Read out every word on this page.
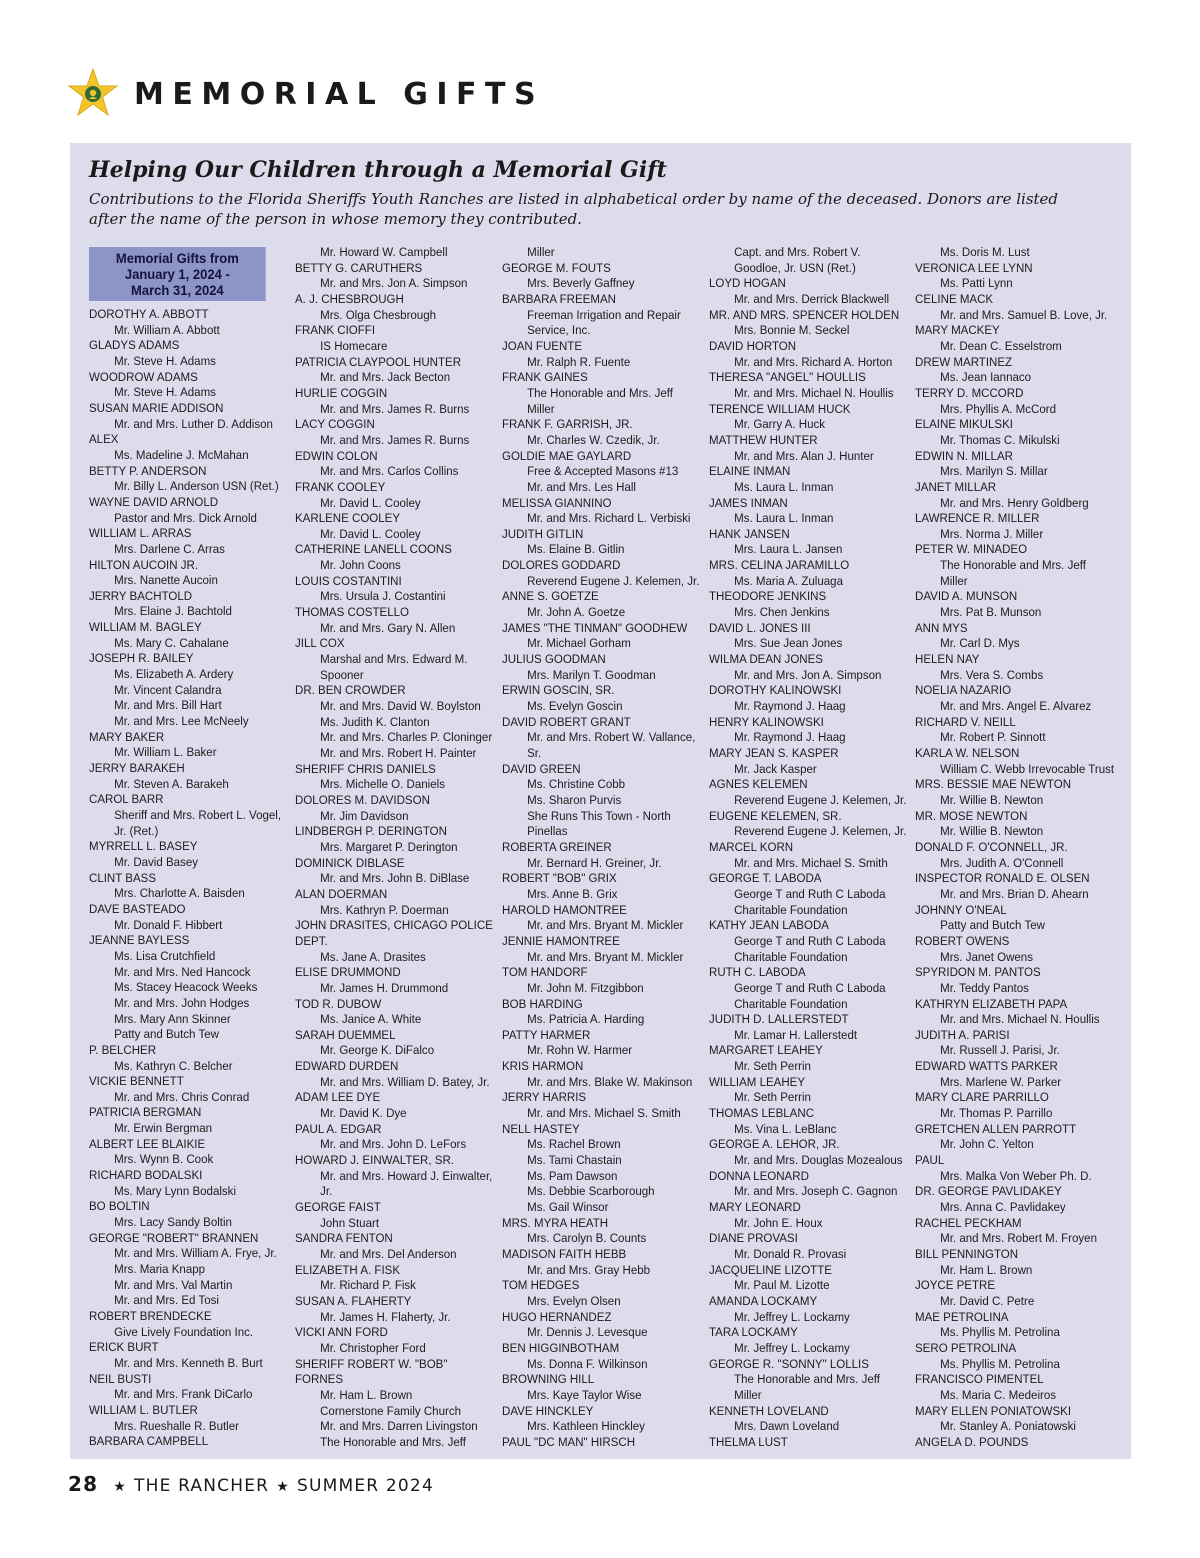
MEMORIAL GIFTS
Helping Our Children through a Memorial Gift
Contributions to the Florida Sheriffs Youth Ranches are listed in alphabetical order by name of the deceased. Donors are listed after the name of the person in whose memory they contributed.
Memorial Gifts from
January 1, 2024 -
March 31, 2024
DOROTHY A. ABBOTT
Mr. William A. Abbott
GLADYS ADAMS
Mr. Steve H. Adams
WOODROW ADAMS
Mr. Steve H. Adams
SUSAN MARIE ADDISON
Mr. and Mrs. Luther D. Addison
ALEX
Ms. Madeline J. McMahan
BETTY P. ANDERSON
Mr. Billy L. Anderson USN (Ret.)
WAYNE DAVID ARNOLD
Pastor and Mrs. Dick Arnold
WILLIAM L. ARRAS
Mrs. Darlene C. Arras
HILTON AUCOIN JR.
Mrs. Nanette Aucoin
JERRY BACHTOLD
Mrs. Elaine J. Bachtold
WILLIAM M. BAGLEY
Ms. Mary C. Cahalane
JOSEPH R. BAILEY
Ms. Elizabeth A. Ardery
Mr. Vincent Calandra
Mr. and Mrs. Bill Hart
Mr. and Mrs. Lee McNeely
MARY BAKER
Mr. William L. Baker
JERRY BARAKEH
Mr. Steven A. Barakeh
CAROL BARR
Sheriff and Mrs. Robert L. Vogel,
Jr. (Ret.)
MYRRELL L. BASEY
Mr. David Basey
CLINT BASS
Mrs. Charlotte A. Baisden
DAVE BASTEADO
Mr. Donald F. Hibbert
JEANNE BAYLESS
Ms. Lisa Crutchfield
Mr. and Mrs. Ned Hancock
Ms. Stacey Heacock Weeks
Mr. and Mrs. John Hodges
Mrs. Mary Ann Skinner
Patty and Butch Tew
P. BELCHER
Ms. Kathryn C. Belcher
VICKIE BENNETT
Mr. and Mrs. Chris Conrad
PATRICIA BERGMAN
Mr. Erwin Bergman
ALBERT LEE BLAIKIE
Mrs. Wynn B. Cook
RICHARD BODALSKI
Ms. Mary Lynn Bodalski
BO BOLTIN
Mrs. Lacy Sandy Boltin
GEORGE "ROBERT" BRANNEN
Mr. and Mrs. William A. Frye, Jr.
Mrs. Maria Knapp
Mr. and Mrs. Val Martin
Mr. and Mrs. Ed Tosi
ROBERT BRENDECKE
Give Lively Foundation Inc.
ERICK BURT
Mr. and Mrs. Kenneth B. Burt
NEIL BUSTI
Mr. and Mrs. Frank DiCarlo
WILLIAM L. BUTLER
Mrs. Rueshalle R. Butler
BARBARA CAMPBELL
Mr. Howard W. Campbell
BETTY G. CARUTHERS
Mr. and Mrs. Jon A. Simpson
A. J. CHESBROUGH
Mrs. Olga Chesbrough
FRANK CIOFFI
IS Homecare
PATRICIA CLAYPOOL HUNTER
Mr. and Mrs. Jack Becton
HURLIE COGGIN
Mr. and Mrs. James R. Burns
LACY COGGIN
Mr. and Mrs. James R. Burns
EDWIN COLON
Mr. and Mrs. Carlos Collins
FRANK COOLEY
Mr. David L. Cooley
KARLENE COOLEY
Mr. David L. Cooley
CATHERINE LANELL COONS
Mr. John Coons
LOUIS COSTANTINI
Mrs. Ursula J. Costantini
THOMAS COSTELLO
Mr. and Mrs. Gary N. Allen
JILL COX
Marshal and Mrs. Edward M.
Spooner
DR. BEN CROWDER
Mr. and Mrs. David W. Boylston
Ms. Judith K. Clanton
Mr. and Mrs. Charles P. Cloninger
Mr. and Mrs. Robert H. Painter
SHERIFF CHRIS DANIELS
Mrs. Michelle O. Daniels
DOLORES M. DAVIDSON
Mr. Jim Davidson
LINDBERGH P. DERINGTON
Mrs. Margaret P. Derington
DOMINICK DIBLASE
Mr. and Mrs. John B. DiBlase
ALAN DOERMAN
Mrs. Kathryn P. Doerman
JOHN DRASITES, CHICAGO POLICE
DEPT.
Ms. Jane A. Drasites
ELISE DRUMMOND
Mr. James H. Drummond
TOD R. DUBOW
Ms. Janice A. White
SARAH DUEMMEL
Mr. George K. DiFalco
EDWARD DURDEN
Mr. and Mrs. William D. Batey, Jr.
ADAM LEE DYE
Mr. David K. Dye
PAUL A. EDGAR
Mr. and Mrs. John D. LeFors
HOWARD J. EINWALTER, SR.
Mr. and Mrs. Howard J. Einwalter,
Jr.
GEORGE FAIST
John Stuart
SANDRA FENTON
Mr. and Mrs. Del Anderson
ELIZABETH A. FISK
Mr. Richard P. Fisk
SUSAN A. FLAHERTY
Mr. James H. Flaherty, Jr.
VICKI ANN FORD
Mr. Christopher Ford
SHERIFF ROBERT W. "BOB"
FORNES
Mr. Ham L. Brown
Cornerstone Family Church
Mr. and Mrs. Darren Livingston
The Honorable and Mrs. Jeff
Miller
GEORGE M. FOUTS
Mrs. Beverly Gaffney
BARBARA FREEMAN
Freeman Irrigation and Repair
Service, Inc.
JOAN FUENTE
Mr. Ralph R. Fuente
FRANK GAINES
The Honorable and Mrs. Jeff
Miller
FRANK F. GARRISH, JR.
Mr. Charles W. Czedik, Jr.
GOLDIE MAE GAYLARD
Free & Accepted Masons #13
Mr. and Mrs. Les Hall
MELISSA GIANNINO
Mr. and Mrs. Richard L. Verbiski
JUDITH GITLIN
Ms. Elaine B. Gitlin
DOLORES GODDARD
Reverend Eugene J. Kelemen, Jr.
ANNE S. GOETZE
Mr. John A. Goetze
JAMES "THE TINMAN" GOODHEW
Mr. Michael Gorham
JULIUS GOODMAN
Mrs. Marilyn T. Goodman
ERWIN GOSCIN, SR.
Ms. Evelyn Goscin
DAVID ROBERT GRANT
Mr. and Mrs. Robert W. Vallance,
Sr.
DAVID GREEN
Ms. Christine Cobb
Ms. Sharon Purvis
She Runs This Town - North
Pinellas
ROBERTA GREINER
Mr. Bernard H. Greiner, Jr.
ROBERT "BOB" GRIX
Mrs. Anne B. Grix
HAROLD HAMONTREE
Mr. and Mrs. Bryant M. Mickler
JENNIE HAMONTREE
Mr. and Mrs. Bryant M. Mickler
TOM HANDORF
Mr. John M. Fitzgibbon
BOB HARDING
Ms. Patricia A. Harding
PATTY HARMER
Mr. Rohn W. Harmer
KRIS HARMON
Mr. and Mrs. Blake W. Makinson
JERRY HARRIS
Mr. and Mrs. Michael S. Smith
NELL HASTEY
Ms. Rachel Brown
Ms. Tami Chastain
Ms. Pam Dawson
Ms. Debbie Scarborough
Ms. Gail Winsor
MRS. MYRA HEATH
Mrs. Carolyn B. Counts
MADISON FAITH HEBB
Mr. and Mrs. Gray Hebb
TOM HEDGES
Mrs. Evelyn Olsen
HUGO HERNANDEZ
Mr. Dennis J. Levesque
BEN HIGGINBOTHAM
Ms. Donna F. Wilkinson
BROWNING HILL
Mrs. Kaye Taylor Wise
DAVE HINCKLEY
Mrs. Kathleen Hinckley
PAUL "DC MAN" HIRSCH
Capt. and Mrs. Robert V.
Goodloe, Jr. USN (Ret.)
LOYD HOGAN
Mr. and Mrs. Derrick Blackwell
MR. AND MRS. SPENCER HOLDEN
Mrs. Bonnie M. Seckel
DAVID HORTON
Mr. and Mrs. Richard A. Horton
THERESA "ANGEL" HOULLIS
Mr. and Mrs. Michael N. Houllis
TERENCE WILLIAM HUCK
Mr. Garry A. Huck
MATTHEW HUNTER
Mr. and Mrs. Alan J. Hunter
ELAINE INMAN
Ms. Laura L. Inman
JAMES INMAN
Ms. Laura L. Inman
HANK JANSEN
Mrs. Laura L. Jansen
MRS. CELINA JARAMILLO
Ms. Maria A. Zuluaga
THEODORE JENKINS
Mrs. Chen Jenkins
DAVID L. JONES III
Mrs. Sue Jean Jones
WILMA DEAN JONES
Mr. and Mrs. Jon A. Simpson
DOROTHY KALINOWSKI
Mr. Raymond J. Haag
HENRY KALINOWSKI
Mr. Raymond J. Haag
MARY JEAN S. KASPER
Mr. Jack Kasper
AGNES KELEMEN
Reverend Eugene J. Kelemen, Jr.
EUGENE KELEMEN, SR.
Reverend Eugene J. Kelemen, Jr.
MARCEL KORN
Mr. and Mrs. Michael S. Smith
GEORGE T. LABODA
George T and Ruth C Laboda
Charitable Foundation
KATHY JEAN LABODA
George T and Ruth C Laboda
Charitable Foundation
RUTH C. LABODA
George T and Ruth C Laboda
Charitable Foundation
JUDITH D. LALLERSTEDT
Mr. Lamar H. Lallerstedt
MARGARET LEAHEY
Mr. Seth Perrin
WILLIAM LEAHEY
Mr. Seth Perrin
THOMAS LEBLANC
Ms. Vina L. LeBlanc
GEORGE A. LEHOR, JR.
Mr. and Mrs. Douglas Mozealous
DONNA LEONARD
Mr. and Mrs. Joseph C. Gagnon
MARY LEONARD
Mr. John E. Houx
DIANE PROVASI
Mr. Donald R. Provasi
JACQUELINE LIZOTTE
Mr. Paul M. Lizotte
AMANDA LOCKAMY
Mr. Jeffrey L. Lockamy
TARA LOCKAMY
Mr. Jeffrey L. Lockamy
GEORGE R. "SONNY" LOLLIS
The Honorable and Mrs. Jeff
Miller
KENNETH LOVELAND
Mrs. Dawn Loveland
THELMA LUST
Ms. Doris M. Lust
VERONICA LEE LYNN
Ms. Patti Lynn
CELINE MACK
Mr. and Mrs. Samuel B. Love, Jr.
MARY MACKEY
Mr. Dean C. Esselstrom
DREW MARTINEZ
Ms. Jean Iannaco
TERRY D. MCCORD
Mrs. Phyllis A. McCord
ELAINE MIKULSKI
Mr. Thomas C. Mikulski
EDWIN N. MILLAR
Mrs. Marilyn S. Millar
JANET MILLAR
Mr. and Mrs. Henry Goldberg
LAWRENCE R. MILLER
Mrs. Norma J. Miller
PETER W. MINADEO
The Honorable and Mrs. Jeff
Miller
DAVID A. MUNSON
Mrs. Pat B. Munson
ANN MYS
Mr. Carl D. Mys
HELEN NAY
Mrs. Vera S. Combs
NOELIA NAZARIO
Mr. and Mrs. Angel E. Alvarez
RICHARD V. NEILL
Mr. Robert P. Sinnott
KARLA W. NELSON
William C. Webb Irrevocable Trust
MRS. BESSIE MAE NEWTON
Mr. Willie B. Newton
MR. MOSE NEWTON
Mr. Willie B. Newton
DONALD F. O'CONNELL, JR.
Mrs. Judith A. O'Connell
INSPECTOR RONALD E. OLSEN
Mr. and Mrs. Brian D. Ahearn
JOHNNY O'NEAL
Patty and Butch Tew
ROBERT OWENS
Mrs. Janet Owens
SPYRIDON M. PANTOS
Mr. Teddy Pantos
KATHRYN ELIZABETH PAPA
Mr. and Mrs. Michael N. Houllis
JUDITH A. PARISI
Mr. Russell J. Parisi, Jr.
EDWARD WATTS PARKER
Mrs. Marlene W. Parker
MARY CLARE PARRILLO
Mr. Thomas P. Parrillo
GRETCHEN ALLEN PARROTT
Mr. John C. Yelton
PAUL
Mrs. Malka Von Weber Ph. D.
DR. GEORGE PAVLIDAKEY
Mrs. Anna C. Pavlidakey
RACHEL PECKHAM
Mr. and Mrs. Robert M. Froyen
BILL PENNINGTON
Mr. Ham L. Brown
JOYCE PETRE
Mr. David C. Petre
MAE PETROLINA
Ms. Phyllis M. Petrolina
SERO PETROLINA
Ms. Phyllis M. Petrolina
FRANCISCO PIMENTEL
Ms. Maria C. Medeiros
MARY ELLEN PONIATOWSKI
Mr. Stanley A. Poniatowski
ANGELA D. POUNDS
28 ★ THE RANCHER ★ SUMMER 2024
